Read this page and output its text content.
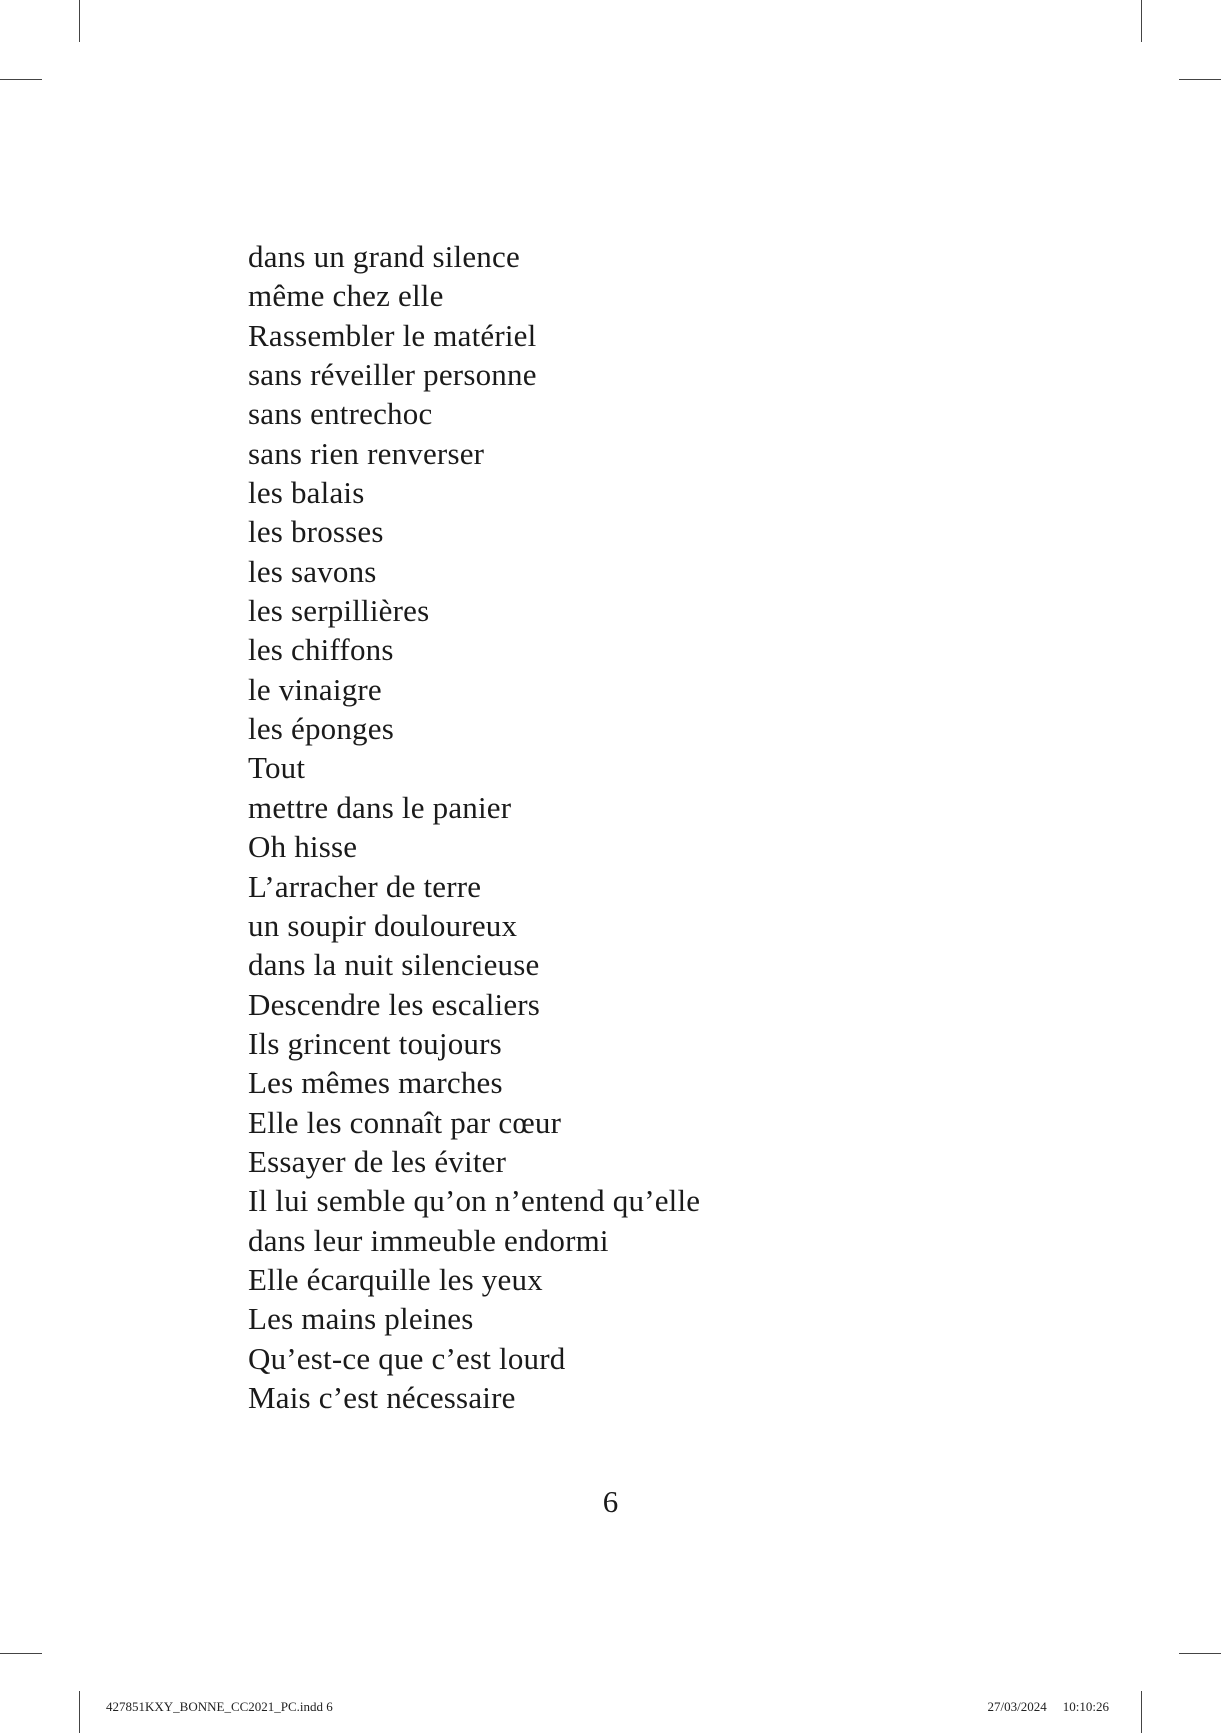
dans un grand silence
même chez elle
Rassembler le matériel
sans réveiller personne
sans entrechoc
sans rien renverser
les balais
les brosses
les savons
les serpillières
les chiffons
le vinaigre
les éponges
Tout
mettre dans le panier
Oh hisse
L’arracher de terre
un soupir douloureux
dans la nuit silencieuse
Descendre les escaliers
Ils grincent toujours
Les mêmes marches
Elle les connaît par cœur
Essayer de les éviter
Il lui semble qu’on n’entend qu’elle
dans leur immeuble endormi
Elle écarquille les yeux
Les mains pleines
Qu’est-ce que c’est lourd
Mais c’est nécessaire
6
427851KXY_BONNE_CC2021_PC.indd 6	27/03/2024 10:10:26
